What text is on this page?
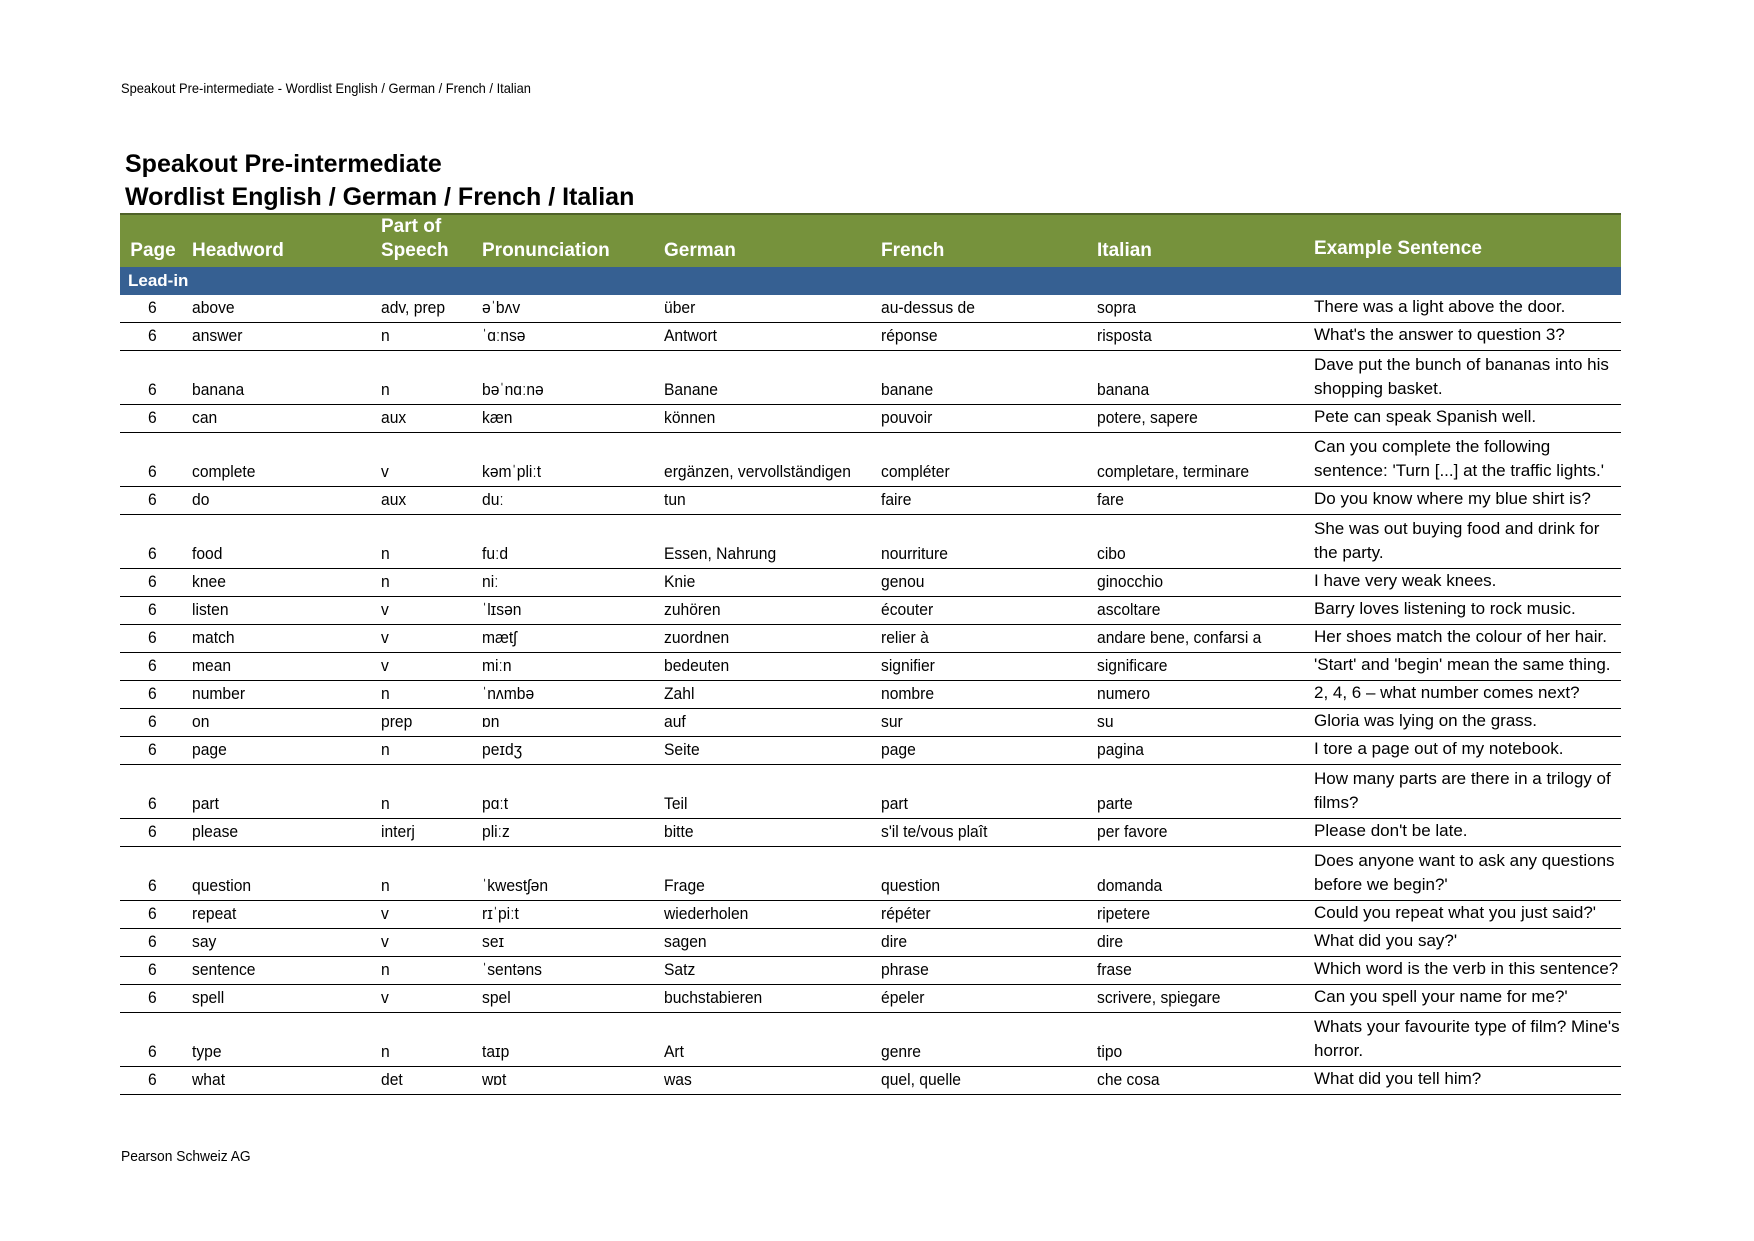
Speakout Pre-intermediate - Wordlist English / German / French / Italian
Speakout Pre-intermediate
Wordlist English / German / French / Italian
Page	Headword	Part of
Speech	Pronunciation	German	French	Italian	Example Sentence
Lead-in							
6	above	adv, prep	əˈbʌv	über	au-dessus de	sopra	There was a light above the door.
6	answer	n	ˈɑːnsə	Antwort	réponse	risposta	What's the answer to question 3?
6	banana	n	bəˈnɑːnə	Banane	banane	banana	Dave put the bunch of bananas into his shopping basket.
6	can	aux	kæn	können	pouvoir	potere, sapere	Pete can speak Spanish well.
6	complete	v	kəmˈpliːt	ergänzen, vervollständigen	compléter	completare, terminare	Can you complete the following sentence: 'Turn [...] at the traffic lights.'
6	do	aux	duː	tun	faire	fare	Do you know where my blue shirt is?
6	food	n	fuːd	Essen, Nahrung	nourriture	cibo	She was out buying food and drink for the party.
6	knee	n	niː	Knie	genou	ginocchio	I have very weak knees.
6	listen	v	ˈlɪsən	zuhören	écouter	ascoltare	Barry loves listening to rock music.
6	match	v	mætʃ	zuordnen	relier à	andare bene, confarsi a	Her shoes match the colour of her hair.
6	mean	v	miːn	bedeuten	signifier	significare	'Start' and 'begin' mean the same thing.
6	number	n	ˈnʌmbə	Zahl	nombre	numero	2, 4, 6 – what number comes next?
6	on	prep	ɒn	auf	sur	su	Gloria was lying on the grass.
6	page	n	peɪdʒ	Seite	page	pagina	I tore a page out of my notebook.
6	part	n	pɑːt	Teil	part	parte	How many parts are there in a trilogy of films?
6	please	interj	pliːz	bitte	s'il te/vous plaît	per favore	Please don't be late.
6	question	n	ˈkwestʃən	Frage	question	domanda	Does anyone want to ask any questions before we begin?'
6	repeat	v	rɪˈpiːt	wiederholen	répéter	ripetere	Could you repeat what you just said?'
6	say	v	seɪ	sagen	dire	dire	What did you say?'
6	sentence	n	ˈsentəns	Satz	phrase	frase	Which word is the verb in this sentence?
6	spell	v	spel	buchstabieren	épeler	scrivere, spiegare	Can you spell your name for me?'
6	type	n	taɪp	Art	genre	tipo	Whats your favourite type of film? Mine's horror.
6	what	det	wɒt	was	quel, quelle	che cosa	What did you tell him?
Pearson Schweiz AG
